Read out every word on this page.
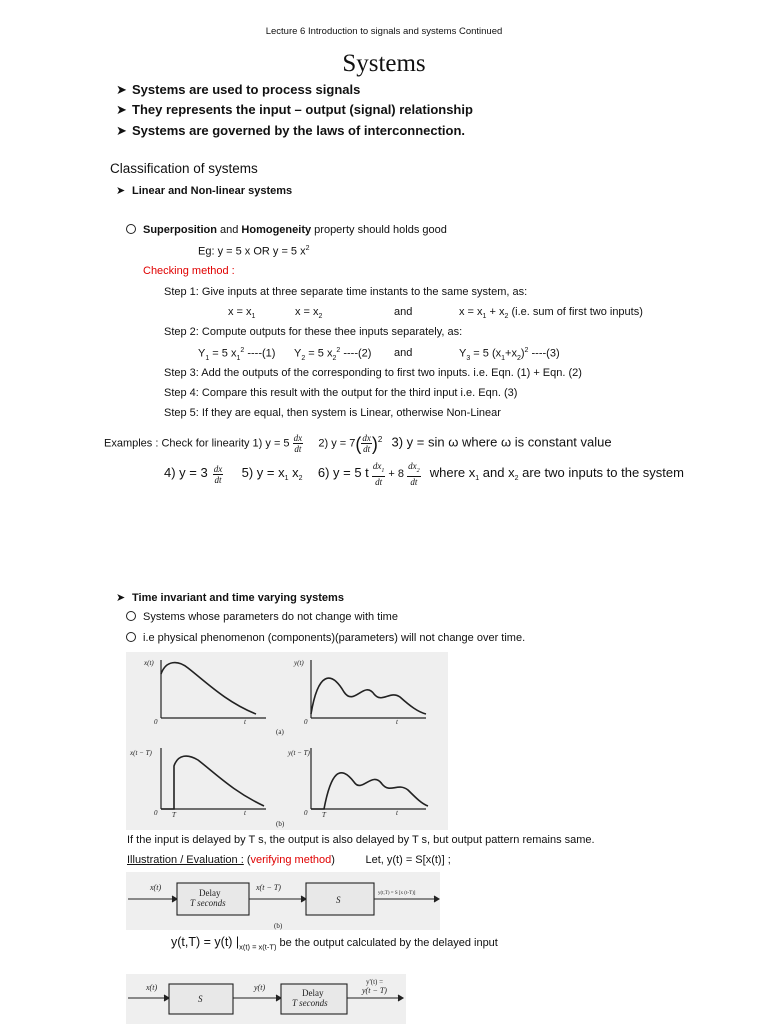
Lecture 6 Introduction to signals and systems Continued
Systems
➤ Systems are used to process signals
➤ They represents the input – output (signal) relationship
➤ Systems are governed by the laws of interconnection.
Classification of systems
➤ Linear and Non-linear systems
Superposition and Homogeneity property should holds good
Eg: y = 5 x OR y = 5 $x^2$
Checking method :
Step 1: Give inputs at three separate time instants to the same system, as:
$x = x_1$	$x = x_2$	and	$x = x_1 + x_2$ (i.e. sum of first two inputs)
Step 2: Compute outputs for these thee inputs separately, as:
$Y_1 = 5$ $x_1^2$ ----(1) $Y_2 = 5$ $x_2^2$ ----(2) and	$Y_3 = 5$ $(x_1+x_2)^2$ ----(3)
Step 3: Add the outputs of the corresponding to first two inputs. i.e. Eqn. (1) + Eqn. (2)
Step 4: Compare this result with the output for the third input i.e. Eqn. (3)
Step 5: If they are equal, then system is Linear, otherwise Non-Linear
Examples : Check for linearity 1) $y = 5 \frac{dx}{dt} 2$) $y = 7( \frac{dx}{dt} )^2$ 3) y = sin ω where ω is constant value
4) $y = 3 \frac{dx}{dt} 5$) $y = x_1$ $x_2$ 6) y = 5 t $\frac{dx_1}{dt} + 8 \frac{dx_2}{dt}$ where $x_1$ and $x_2$ are two inputs to the system
➤ Time invariant and time varying systems
Systems whose parameters do not change with time
i.e physical phenomenon (components)(parameters) will not change over time.
x(t)	y(t)
x(t − T)	y(t − T)
0	0
0	0
T	T
t	t
t	t
(a)
(b)
If the input is delayed by T s, the output is also delayed by T s, but output pattern remains same.
Illustration / Evaluation : (verifying method)	Let, y(t) = S[x(t)] ;
x(t)
Delay
T seconds
x(t − T)
S
y(t,T) = S [x (t-T)]
(b)
y(t,T) = y(t) $|_{x(t) = x(t-T)}$ be the output calculated by the delayed input
x(t)
S
y(t)
Delay
T seconds
y'(t) =
y(t − T)
